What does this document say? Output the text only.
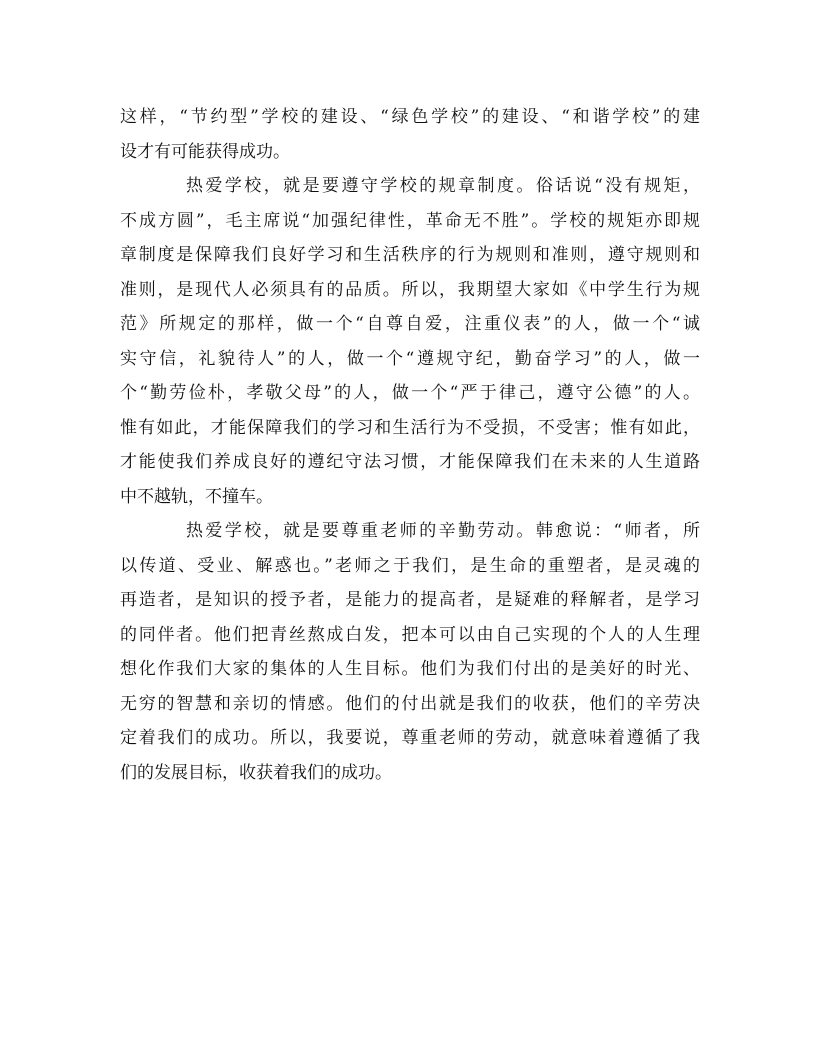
这样，“节约型”学校的建设、“绿色学校”的建设、“和谐学校”的建
设才有可能获得成功。
热爱学校，就是要遵守学校的规章制度。俗话说“没有规矩，
不成方圆”，毛主席说“加强纪律性，革命无不胜”。学校的规矩亦即规
章制度是保障我们良好学习和生活秩序的行为规则和准则，遵守规则和
准则，是现代人必须具有的品质。所以，我期望大家如《中学生行为规
范》所规定的那样，做一个“自尊自爱，注重仪表”的人，做一个“诚
实守信，礼貌待人”的人，做一个“遵规守纪，勤奋学习”的人，做一
个“勤劳俭朴，孝敬父母”的人，做一个“严于律己，遵守公德”的人。
惟有如此，才能保障我们的学习和生活行为不受损，不受害；惟有如此，
才能使我们养成良好的遵纪守法习惯，才能保障我们在未来的人生道路
中不越轨，不撞车。
热爱学校，就是要尊重老师的辛勤劳动。韩愈说：“师者，所
以传道、受业、解惑也。”老师之于我们，是生命的重塑者，是灵魂的
再造者，是知识的授予者，是能力的提高者，是疑难的释解者，是学习
的同伴者。他们把青丝熬成白发，把本可以由自己实现的个人的人生理
想化作我们大家的集体的人生目标。他们为我们付出的是美好的时光、
无穷的智慧和亲切的情感。他们的付出就是我们的收获，他们的辛劳决
定着我们的成功。所以，我要说，尊重老师的劳动，就意味着遵循了我
们的发展目标，收获着我们的成功。
